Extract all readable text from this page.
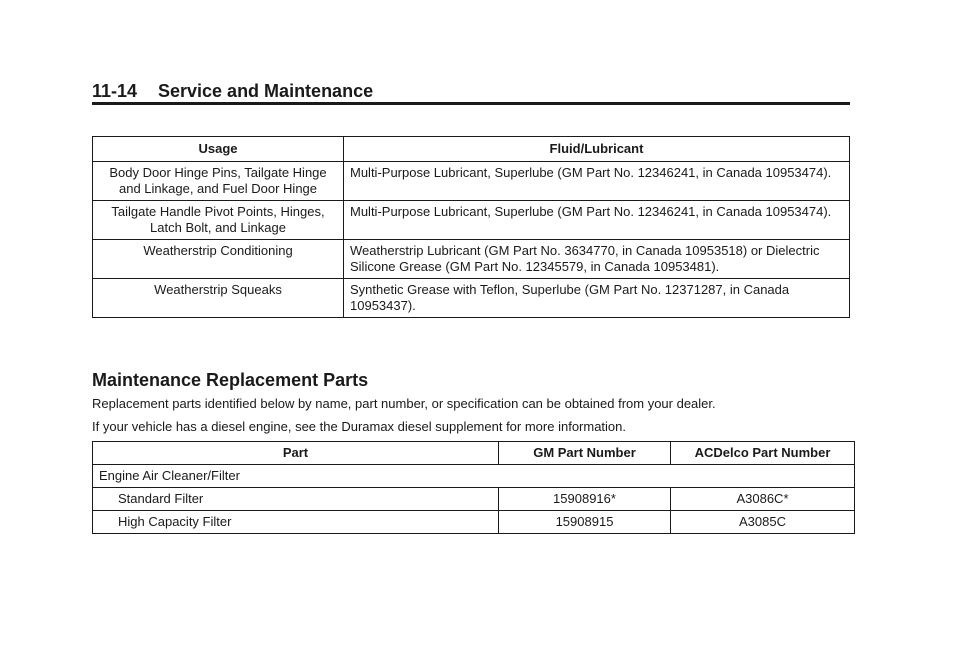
11-14 Service and Maintenance
Usage	Fluid/Lubricant
Body Door Hinge Pins, Tailgate Hinge and Linkage, and Fuel Door Hinge	Multi-Purpose Lubricant, Superlube (GM Part No. 12346241, in Canada 10953474).
Tailgate Handle Pivot Points, Hinges, Latch Bolt, and Linkage	Multi-Purpose Lubricant, Superlube (GM Part No. 12346241, in Canada 10953474).
Weatherstrip Conditioning	Weatherstrip Lubricant (GM Part No. 3634770, in Canada 10953518) or Dielectric Silicone Grease (GM Part No. 12345579, in Canada 10953481).
Weatherstrip Squeaks	Synthetic Grease with Teflon, Superlube (GM Part No. 12371287, in Canada 10953437).
Maintenance Replacement Parts
Replacement parts identified below by name, part number, or specification can be obtained from your dealer.
If your vehicle has a diesel engine, see the Duramax diesel supplement for more information.
Part	GM Part Number	ACDelco Part Number
Engine Air Cleaner/Filter		
Standard Filter	15908916*	A3086C*
High Capacity Filter	15908915	A3085C
